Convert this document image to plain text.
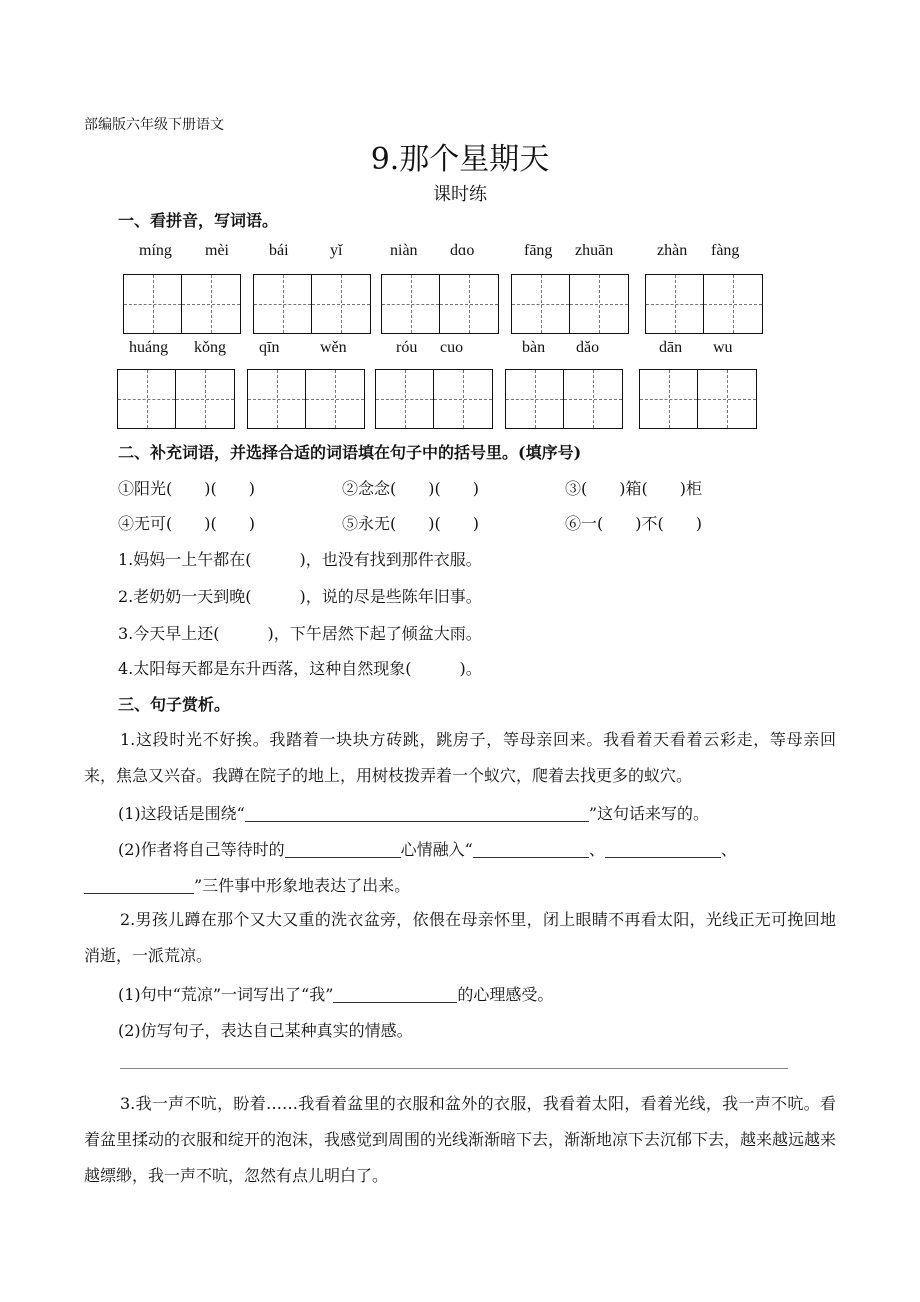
部编版六年级下册语文
9.那个星期天
课时练
一、看拼音，写词语。
míng mèi	bái	yǐ	niàn dɑo	fāng zhuān	zhàn fàng
huáng kǒng qīn	wěn	róu cuo	bàn dǎo	dān wu
二、补充词语，并选择合适的词语填在句子中的括号里。(填序号)
①阳光(　　)(　　)	②念念(　　)(　　)	③(　　)箱(　　)柜
④无可(　　)(　　)	⑤永无(　　)(　　)	⑥一(　　)不(　　)
1.妈妈一上午都在(　　　)，也没有找到那件衣服。
2.老奶奶一天到晚(　　　)，说的尽是些陈年旧事。
3.今天早上还(　　　)，下午居然下起了倾盆大雨。
4.太阳每天都是东升西落，这种自然现象(　　　)。
三、句子赏析。
1.这段时光不好挨。我踏着一块块方砖跳，跳房子，等母亲回来。我看着天看着云彩走，等母亲回来，焦急又兴奋。我蹲在院子的地上，用树枝拨弄着一个蚁穴，爬着去找更多的蚁穴。
(1)这段话是围绕“	”这句话来写的。
(2)作者将自己等待时的	心情融入“	、	、
”三件事中形象地表达了出来。
2.男孩儿蹲在那个又大又重的洗衣盆旁，依偎在母亲怀里，闭上眼睛不再看太阳，光线正无可挽回地消逝，一派荒凉。
(1)句中“荒凉”一词写出了“我”	的心理感受。
(2)仿写句子，表达自己某种真实的情感。
3.我一声不吭，盼着……我看着盆里的衣服和盆外的衣服，我看着太阳，看着光线，我一声不吭。看着盆里揉动的衣服和绽开的泡沫，我感觉到周围的光线渐渐暗下去，渐渐地凉下去沉郁下去，越来越远越来越缥缈，我一声不吭，忽然有点儿明白了。
